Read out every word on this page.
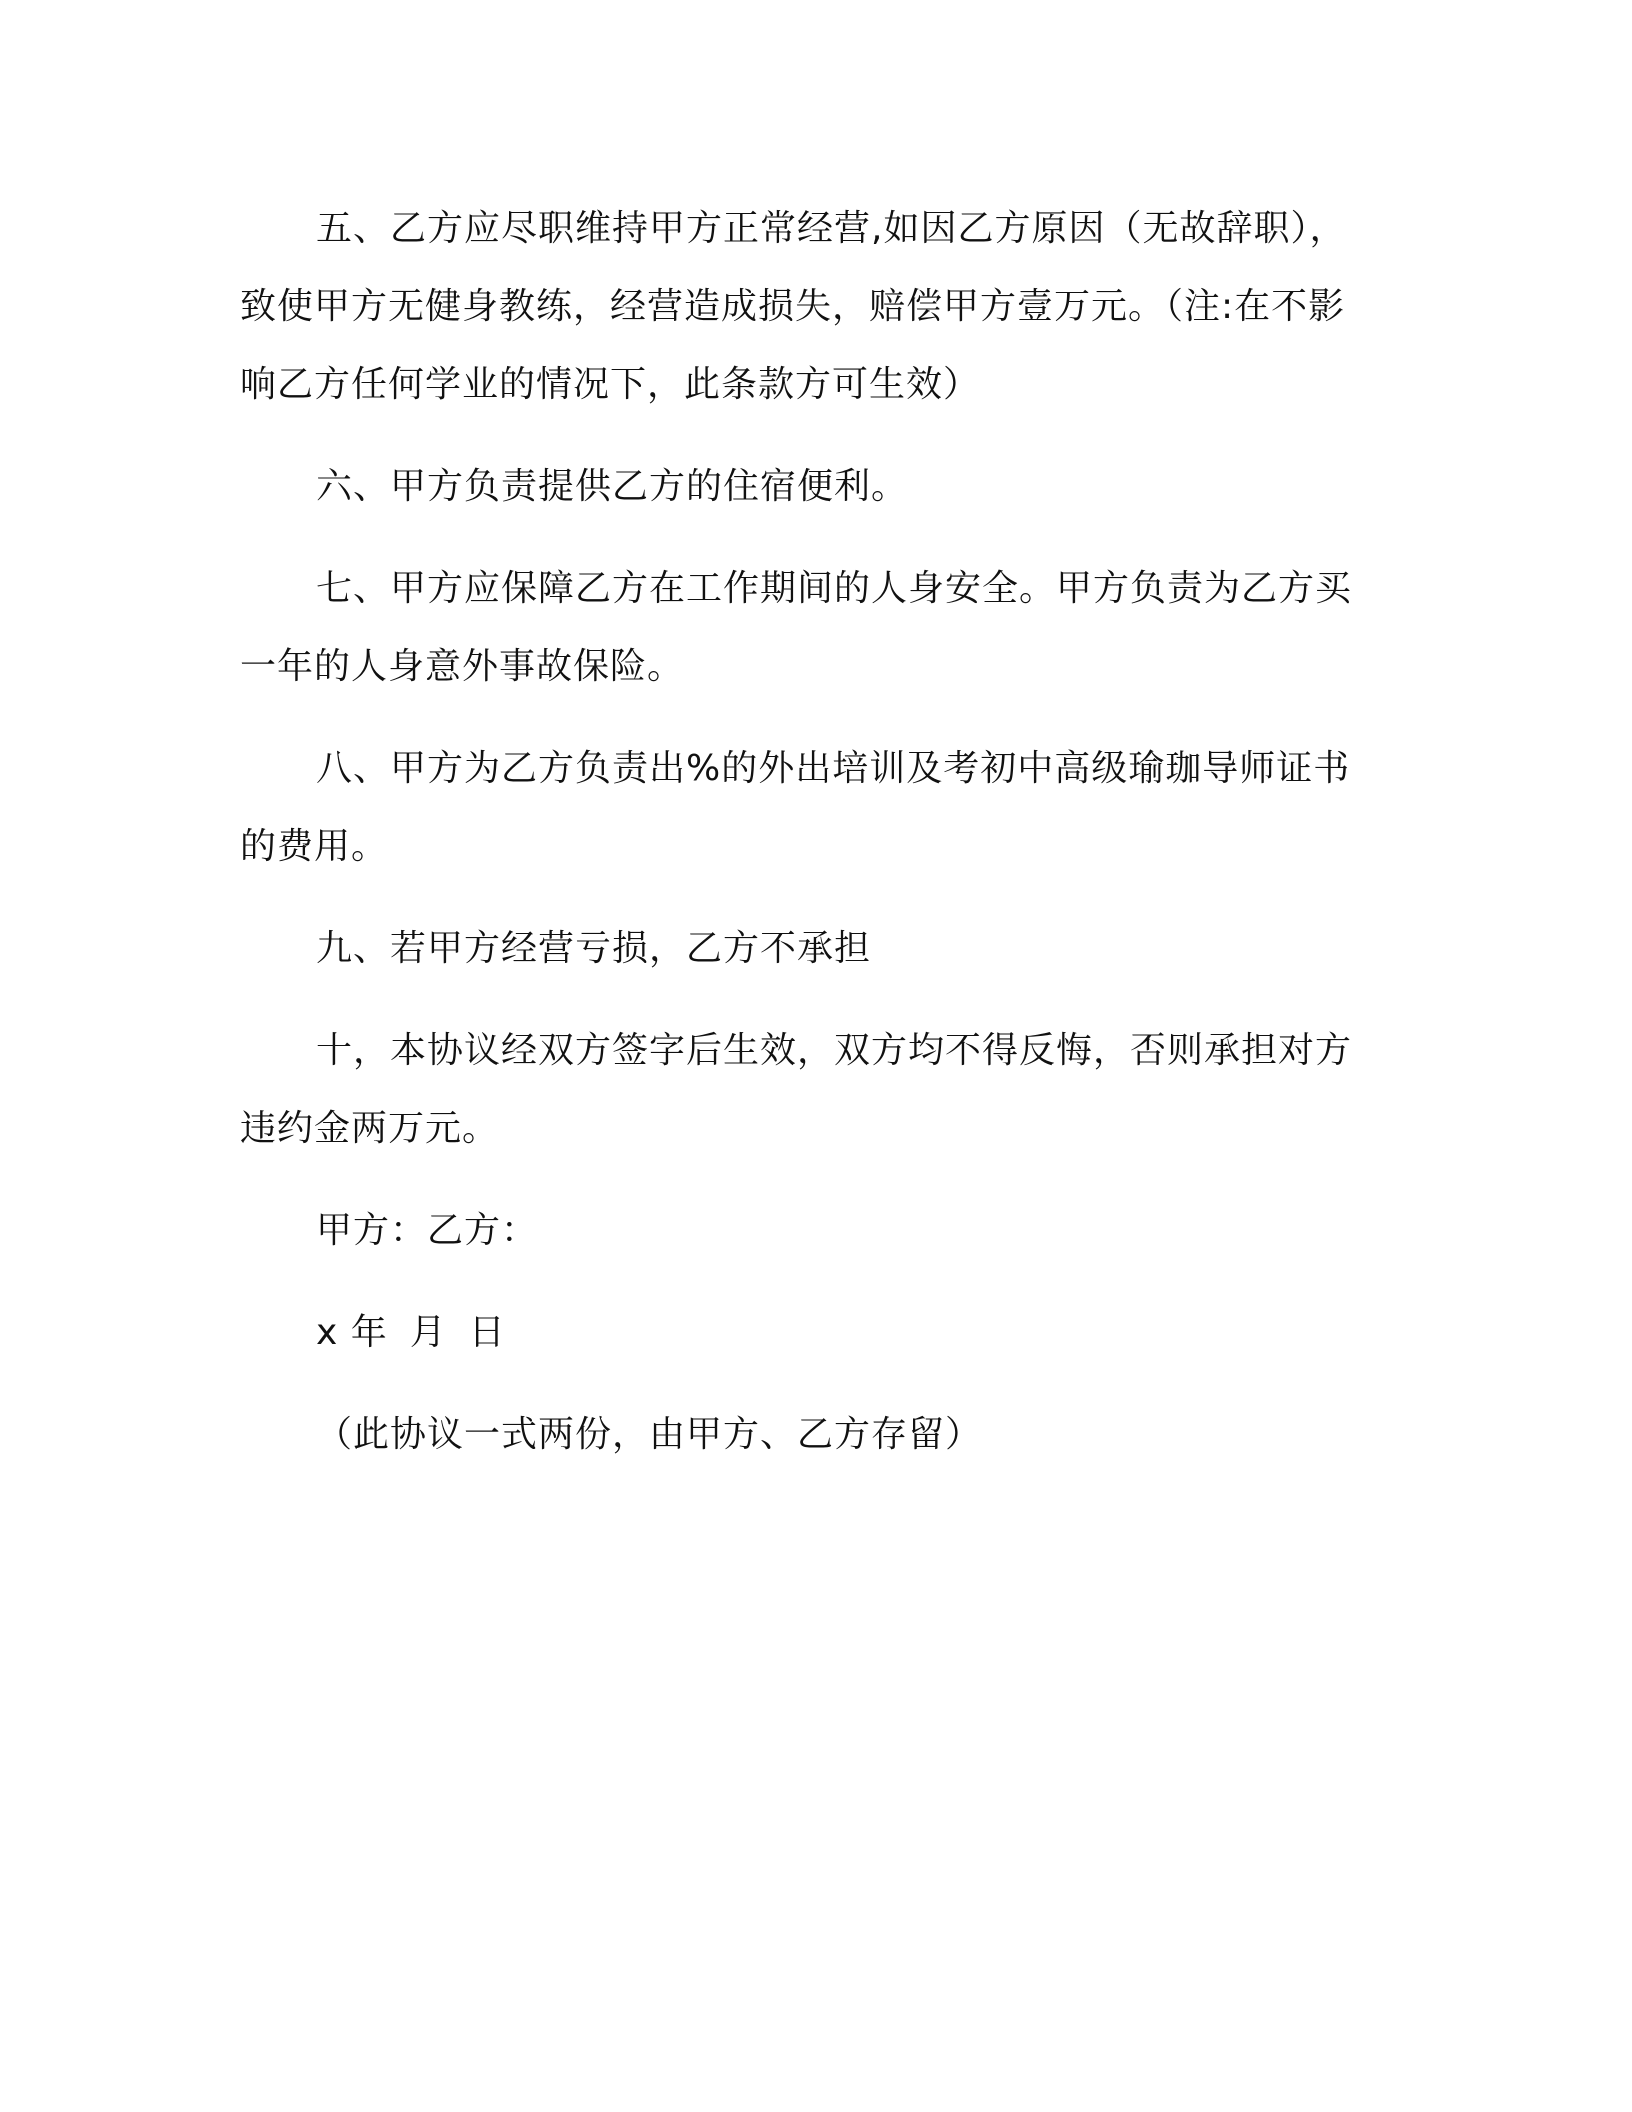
五、乙方应尽职维持甲方正常经营,如因乙方原因（无故辞职），致使甲方无健身教练，经营造成损失，赔偿甲方壹万元。（注:在不影响乙方任何学业的情况下，此条款方可生效）

六、甲方负责提供乙方的住宿便利。

七、甲方应保障乙方在工作期间的人身安全。甲方负责为乙方买一年的人身意外事故保险。

八、甲方为乙方负责出%的外出培训及考初中高级瑜珈导师证书的费用。

九、若甲方经营亏损，乙方不承担

十，本协议经双方签字后生效，双方均不得反悔，否则承担对方违约金两万元。

甲方：乙方：

x 年 月 日

（此协议一式两份，由甲方、乙方存留）
